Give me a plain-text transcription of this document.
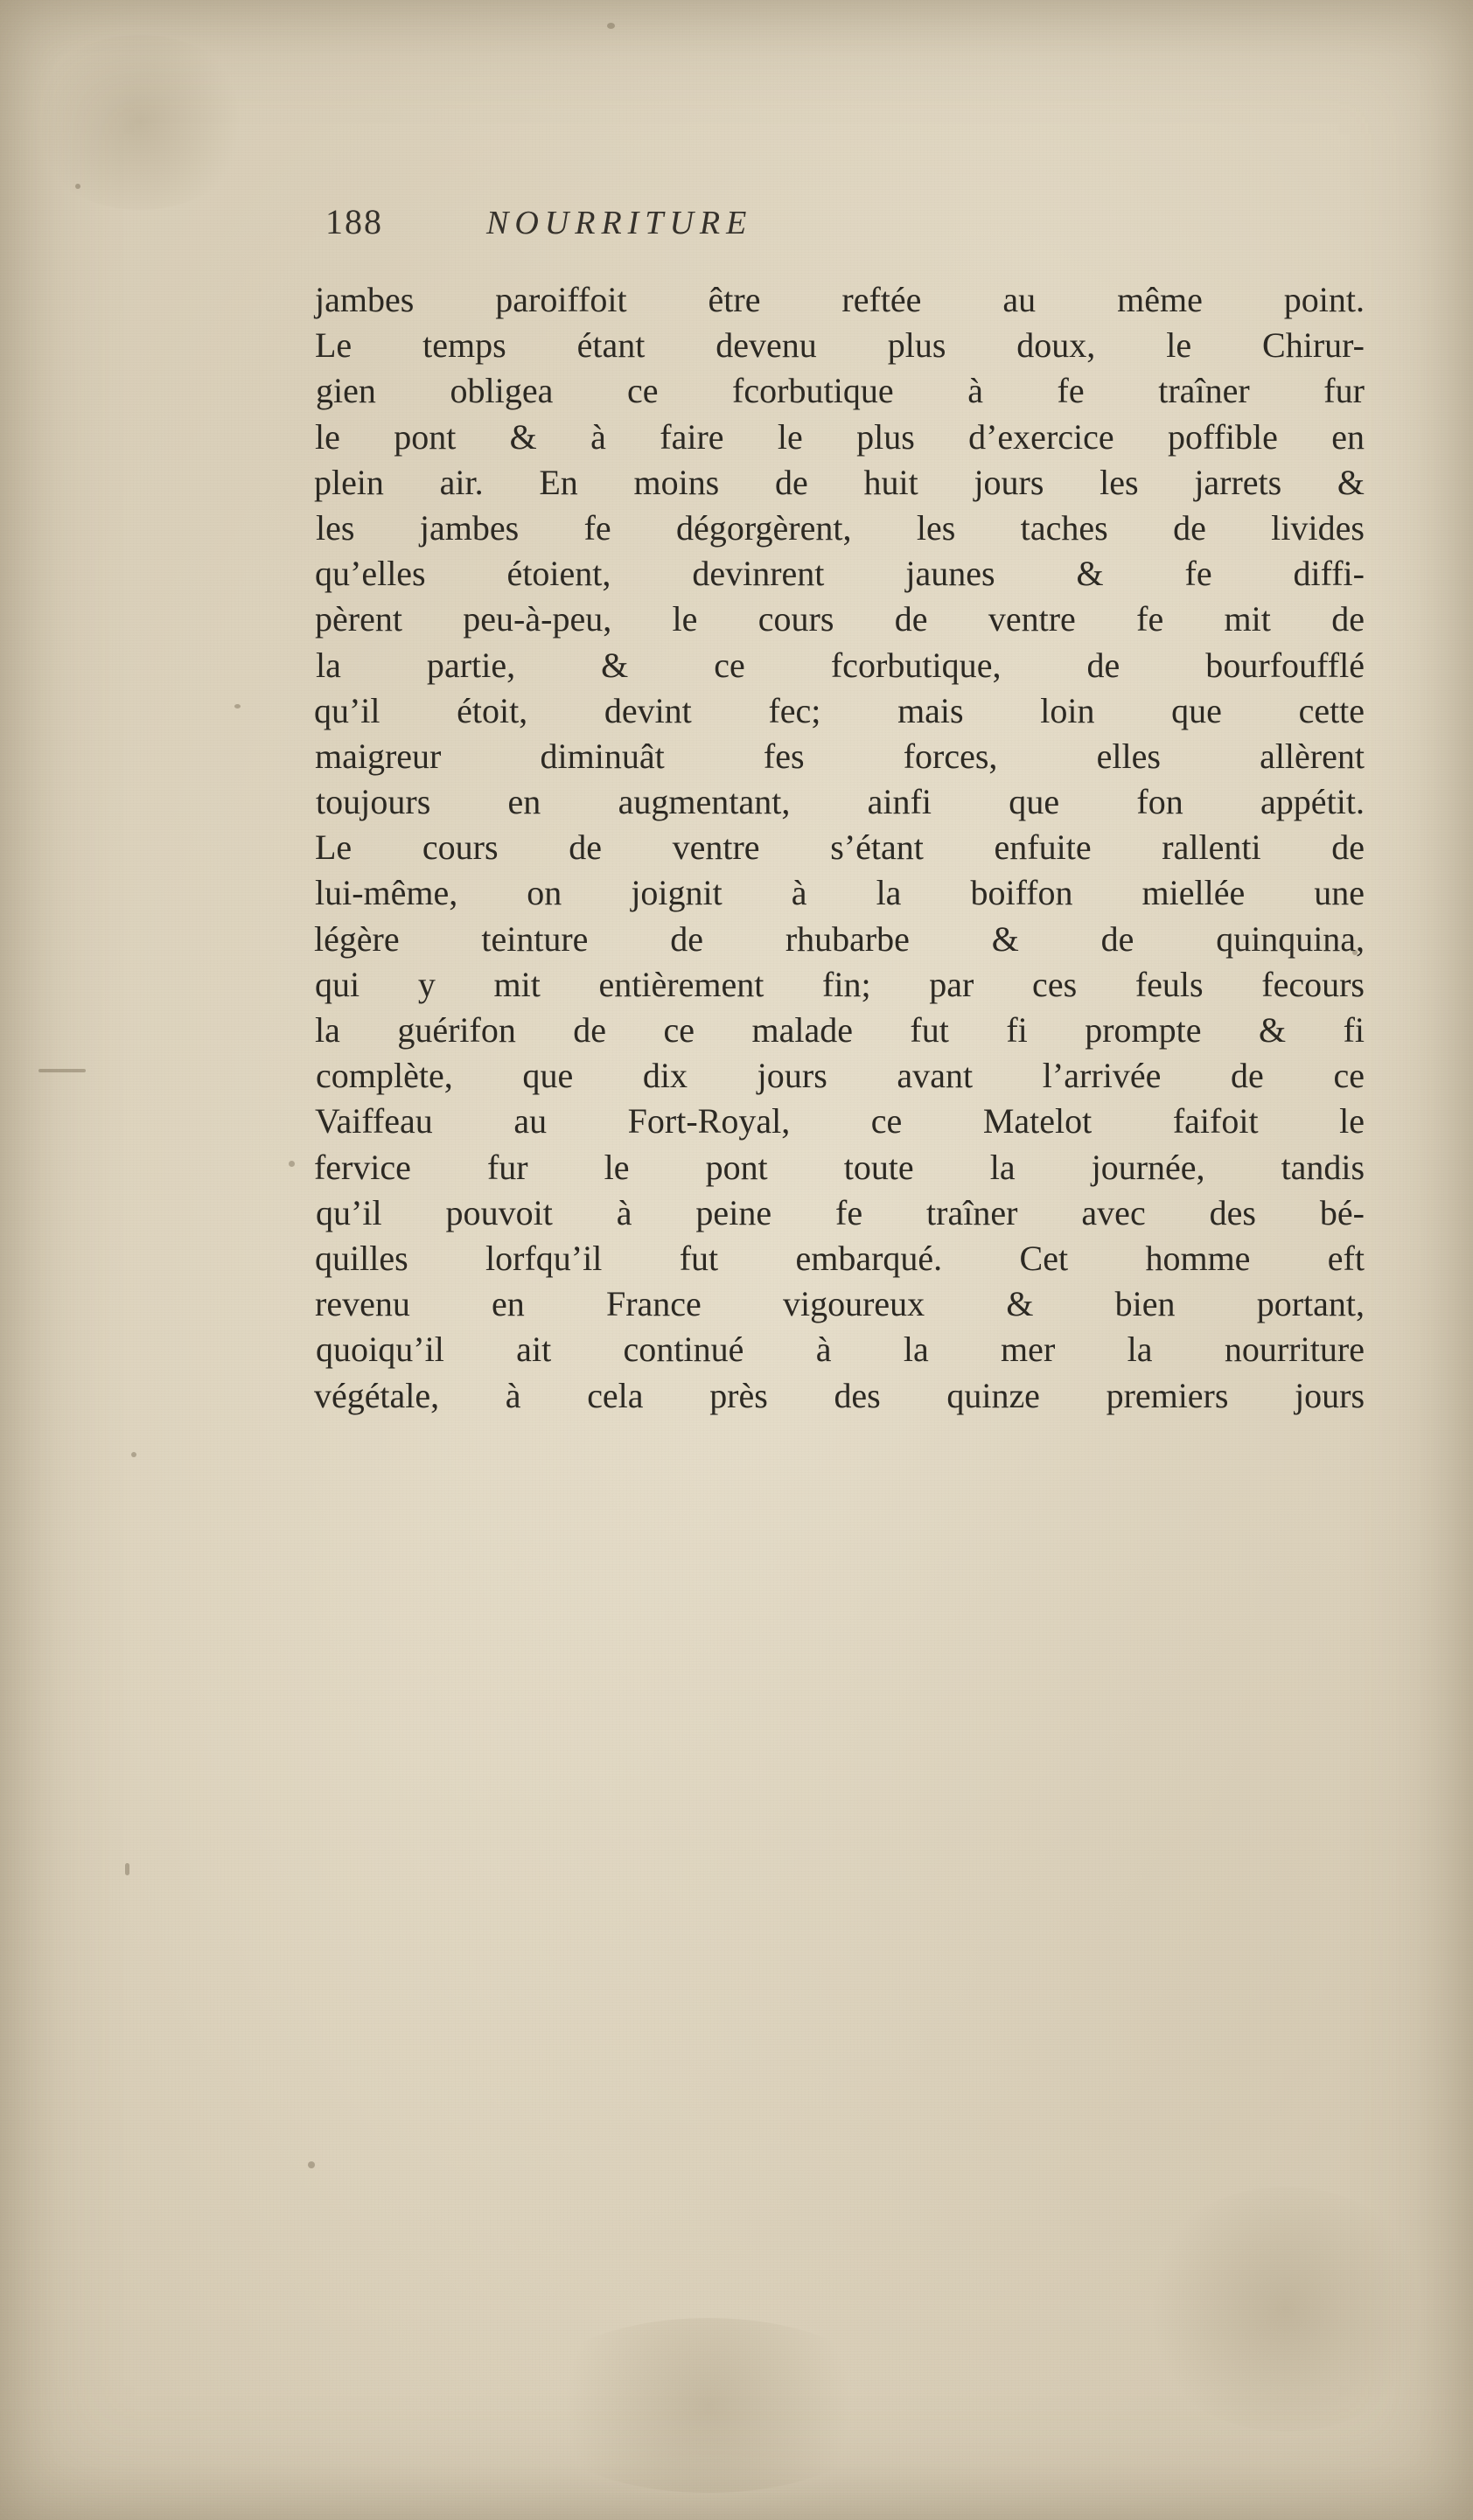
188	NOURRITURE

jambes paroiffoit être reftée au même point.
Le temps étant devenu plus doux, le Chirur-
gien obligea ce fcorbutique à fe traîner fur
le pont & à faire le plus d’exercice poffible en
plein air. En moins de huit jours les jarrets &
les jambes fe dégorgèrent, les taches de livides
qu’elles étoient, devinrent jaunes & fe diffi-
pèrent peu-à-peu, le cours de ventre fe mit de
la partie, & ce fcorbutique, de bourfoufflé
qu’il étoit, devint fec; mais loin que cette
maigreur diminuât fes forces, elles allèrent
toujours en augmentant, ainfi que fon appétit.
Le cours de ventre s’étant enfuite rallenti de
lui-même, on joignit à la boiffon miellée une
légère teinture de rhubarbe & de quinquina,
qui y mit entièrement fin; par ces feuls fecours
la guérifon de ce malade fut fi prompte & fi
complète, que dix jours avant l’arrivée de ce
Vaiffeau au Fort-Royal, ce Matelot faifoit le
fervice fur le pont toute la journée, tandis
qu’il pouvoit à peine fe traîner avec des bé-
quilles lorfqu’il fut embarqué. Cet homme eft
revenu en France vigoureux & bien portant,
quoiqu’il ait continué à la mer la nourriture
végétale, à cela près des quinze premiers jours
